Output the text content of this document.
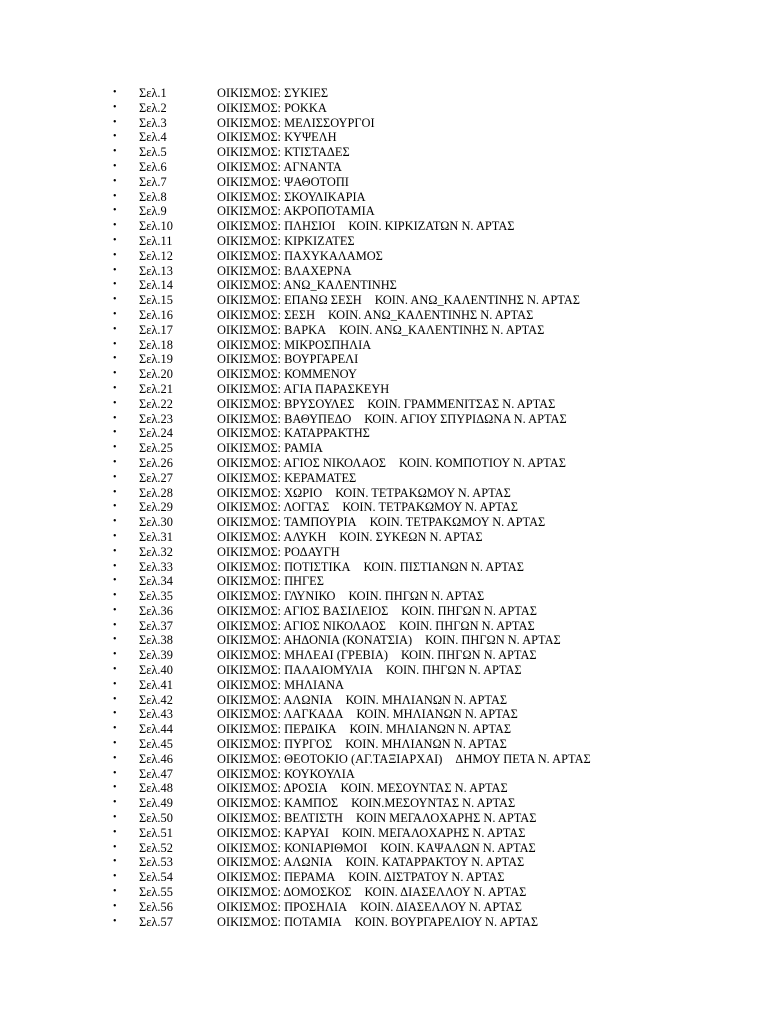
•	Σελ.1	ΟΙΚΙΣΜΟΣ: ΣΥΚΙΕΣ
•	Σελ.2	ΟΙΚΙΣΜΟΣ: ΡΟΚΚΑ
•	Σελ.3	ΟΙΚΙΣΜΟΣ: ΜΕΛΙΣΣΟΥΡΓΟΙ
•	Σελ.4	ΟΙΚΙΣΜΟΣ: ΚΥΨΕΛΗ
•	Σελ.5	ΟΙΚΙΣΜΟΣ: ΚΤΙΣΤΑΔΕΣ
•	Σελ.6	ΟΙΚΙΣΜΟΣ: ΑΓΝΑΝΤΑ
•	Σελ.7	ΟΙΚΙΣΜΟΣ: ΨΑΘΟΤΟΠΙ
•	Σελ.8	ΟΙΚΙΣΜΟΣ: ΣΚΟΥΛΙΚΑΡΙΑ
•	Σελ.9	ΟΙΚΙΣΜΟΣ: ΑΚΡΟΠΟΤΑΜΙΑ
•	Σελ.10	ΟΙΚΙΣΜΟΣ: ΠΛΗΣΙΟΙ ΚΟΙΝ. ΚΙΡΚΙΖΑΤΩΝ Ν. ΑΡΤΑΣ
•	Σελ.11	ΟΙΚΙΣΜΟΣ: ΚΙΡΚΙΖΑΤΕΣ
•	Σελ.12	ΟΙΚΙΣΜΟΣ: ΠΑΧΥΚΑΛΑΜΟΣ
•	Σελ.13	ΟΙΚΙΣΜΟΣ: ΒΛΑΧΕΡΝΑ
•	Σελ.14	ΟΙΚΙΣΜΟΣ: ΑΝΩ_ΚΑΛΕΝΤΙΝΗΣ
•	Σελ.15	ΟΙΚΙΣΜΟΣ: ΕΠΑΝΩ ΣΕΣΗ ΚΟΙΝ. ΑΝΩ_ΚΑΛΕΝΤΙΝΗΣ Ν. ΑΡΤΑΣ
•	Σελ.16	ΟΙΚΙΣΜΟΣ: ΣΕΣΗ ΚΟΙΝ. ΑΝΩ_ΚΑΛΕΝΤΙΝΗΣ Ν. ΑΡΤΑΣ
•	Σελ.17	ΟΙΚΙΣΜΟΣ: ΒΑΡΚΑ ΚΟΙΝ. ΑΝΩ_ΚΑΛΕΝΤΙΝΗΣ Ν. ΑΡΤΑΣ
•	Σελ.18	ΟΙΚΙΣΜΟΣ: ΜΙΚΡΟΣΠΗΛΙΑ
•	Σελ.19	ΟΙΚΙΣΜΟΣ: ΒΟΥΡΓΑΡΕΛΙ
•	Σελ.20	ΟΙΚΙΣΜΟΣ: ΚΟΜΜΕΝΟΥ
•	Σελ.21	ΟΙΚΙΣΜΟΣ: ΑΓΙΑ ΠΑΡΑΣΚΕΥΗ
•	Σελ.22	ΟΙΚΙΣΜΟΣ: ΒΡΥΣΟΥΛΕΣ ΚΟΙΝ. ΓΡΑΜΜΕΝΙΤΣΑΣ Ν. ΑΡΤΑΣ
•	Σελ.23	ΟΙΚΙΣΜΟΣ: ΒΑΘΥΠΕΔΟ ΚΟΙΝ. ΑΓΙΟΥ ΣΠΥΡΙΔΩΝΑ Ν. ΑΡΤΑΣ
•	Σελ.24	ΟΙΚΙΣΜΟΣ: ΚΑΤΑΡΡΑΚΤΗΣ
•	Σελ.25	ΟΙΚΙΣΜΟΣ: ΡΑΜΙΑ
•	Σελ.26	ΟΙΚΙΣΜΟΣ: ΑΓΙΟΣ ΝΙΚΟΛΑΟΣ ΚΟΙΝ. ΚΟΜΠΟΤΙΟΥ Ν. ΑΡΤΑΣ
•	Σελ.27	ΟΙΚΙΣΜΟΣ: ΚΕΡΑΜΑΤΕΣ
•	Σελ.28	ΟΙΚΙΣΜΟΣ: ΧΩΡΙΟ ΚΟΙΝ. ΤΕΤΡΑΚΩΜΟΥ Ν. ΑΡΤΑΣ
•	Σελ.29	ΟΙΚΙΣΜΟΣ: ΛΟΓΓΑΣ ΚΟΙΝ. ΤΕΤΡΑΚΩΜΟΥ Ν. ΑΡΤΑΣ
•	Σελ.30	ΟΙΚΙΣΜΟΣ: ΤΑΜΠΟΥΡΙΑ ΚΟΙΝ. ΤΕΤΡΑΚΩΜΟΥ Ν. ΑΡΤΑΣ
•	Σελ.31	ΟΙΚΙΣΜΟΣ: ΑΛΥΚΗ ΚΟΙΝ. ΣΥΚΕΩΝ Ν. ΑΡΤΑΣ
•	Σελ.32	ΟΙΚΙΣΜΟΣ: ΡΟΔΑΥΓΗ
•	Σελ.33	ΟΙΚΙΣΜΟΣ: ΠΟΤΙΣΤΙΚΑ ΚΟΙΝ. ΠΙΣΤΙΑΝΩΝ Ν. ΑΡΤΑΣ
•	Σελ.34	ΟΙΚΙΣΜΟΣ: ΠΗΓΕΣ
•	Σελ.35	ΟΙΚΙΣΜΟΣ: ΓΛΥΝΙΚΟ ΚΟΙΝ. ΠΗΓΩΝ Ν. ΑΡΤΑΣ
•	Σελ.36	ΟΙΚΙΣΜΟΣ: ΑΓΙΟΣ ΒΑΣΙΛΕΙΟΣ ΚΟΙΝ. ΠΗΓΩΝ Ν. ΑΡΤΑΣ
•	Σελ.37	ΟΙΚΙΣΜΟΣ: ΑΓΙΟΣ ΝΙΚΟΛΑΟΣ ΚΟΙΝ. ΠΗΓΩΝ Ν. ΑΡΤΑΣ
•	Σελ.38	ΟΙΚΙΣΜΟΣ: ΑΗΔΟΝΙΑ (ΚΟΝΑΤΣΙΑ) ΚΟΙΝ. ΠΗΓΩΝ Ν. ΑΡΤΑΣ
•	Σελ.39	ΟΙΚΙΣΜΟΣ: ΜΗΛΕΑΙ (ΓΡΕΒΙΑ) ΚΟΙΝ. ΠΗΓΩΝ Ν. ΑΡΤΑΣ
•	Σελ.40	ΟΙΚΙΣΜΟΣ: ΠΑΛΑΙΟΜΥΛΙΑ ΚΟΙΝ. ΠΗΓΩΝ Ν. ΑΡΤΑΣ
•	Σελ.41	ΟΙΚΙΣΜΟΣ: ΜΗΛΙΑΝΑ
•	Σελ.42	ΟΙΚΙΣΜΟΣ: ΑΛΩΝΙΑ ΚΟΙΝ. ΜΗΛΙΑΝΩΝ Ν. ΑΡΤΑΣ
•	Σελ.43	ΟΙΚΙΣΜΟΣ: ΛΑΓΚΑΔΑ ΚΟΙΝ. ΜΗΛΙΑΝΩΝ Ν. ΑΡΤΑΣ
•	Σελ.44	ΟΙΚΙΣΜΟΣ: ΠΕΡΔΙΚΑ ΚΟΙΝ. ΜΗΛΙΑΝΩΝ Ν. ΑΡΤΑΣ
•	Σελ.45	ΟΙΚΙΣΜΟΣ: ΠΥΡΓΟΣ ΚΟΙΝ. ΜΗΛΙΑΝΩΝ Ν. ΑΡΤΑΣ
•	Σελ.46	ΟΙΚΙΣΜΟΣ: ΘΕΟΤΟΚΙΟ (ΑΓ.ΤΑΞΙΑΡΧΑΙ) ΔΗΜΟΥ ΠΕΤΑ Ν. ΑΡΤΑΣ
•	Σελ.47	ΟΙΚΙΣΜΟΣ: ΚΟΥΚΟΥΛΙΑ
•	Σελ.48	ΟΙΚΙΣΜΟΣ: ΔΡΟΣΙΑ ΚΟΙΝ. ΜΕΣΟΥΝΤΑΣ Ν. ΑΡΤΑΣ
•	Σελ.49	ΟΙΚΙΣΜΟΣ: ΚΑΜΠΟΣ ΚΟΙΝ.ΜΕΣΟΥΝΤΑΣ Ν. ΑΡΤΑΣ
•	Σελ.50	ΟΙΚΙΣΜΟΣ: ΒΕΛΤΙΣΤΗ ΚΟΙΝ ΜΕΓΑΛΟΧΑΡΗΣ Ν. ΑΡΤΑΣ
•	Σελ.51	ΟΙΚΙΣΜΟΣ: ΚΑΡΥΑΙ ΚΟΙΝ. ΜΕΓΑΛΟΧΑΡΗΣ Ν. ΑΡΤΑΣ
•	Σελ.52	ΟΙΚΙΣΜΟΣ: ΚΟΝΙΑΡΙΘΜΟΙ ΚΟΙΝ. ΚΑΨΑΛΩΝ Ν. ΑΡΤΑΣ
•	Σελ.53	ΟΙΚΙΣΜΟΣ: ΑΛΩΝΙΑ ΚΟΙΝ. ΚΑΤΑΡΡΑΚΤΟΥ Ν. ΑΡΤΑΣ
•	Σελ.54	ΟΙΚΙΣΜΟΣ: ΠΕΡΑΜΑ ΚΟΙΝ. ΔΙΣΤΡΑΤΟΥ Ν. ΑΡΤΑΣ
•	Σελ.55	ΟΙΚΙΣΜΟΣ: ΔΟΜΟΣΚΟΣ ΚΟΙΝ. ΔΙΑΣΕΛΛΟΥ Ν. ΑΡΤΑΣ
•	Σελ.56	ΟΙΚΙΣΜΟΣ: ΠΡΟΣΗΛΙΑ ΚΟΙΝ. ΔΙΑΣΕΛΛΟΥ Ν. ΑΡΤΑΣ
•	Σελ.57	ΟΙΚΙΣΜΟΣ: ΠΟΤΑΜΙΑ ΚΟΙΝ. ΒΟΥΡΓΑΡΕΛΙΟΥ Ν. ΑΡΤΑΣ
